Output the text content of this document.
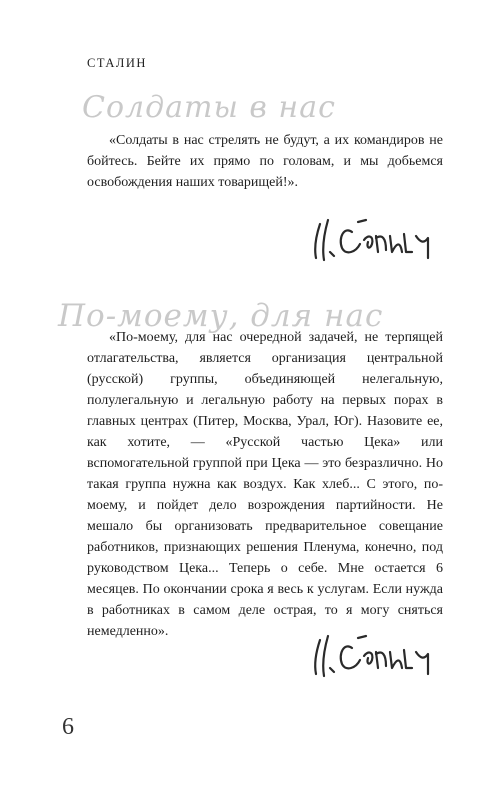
СТАЛИН
Солдаты в нас

«Солдаты в нас стрелять не будут, а их командиров не бойтесь. Бейте их прямо по головам, и мы добьемся освобождения наших товарищей!».

По-моему, для нас

«По-моему, для нас очередной задачей, не терпящей отлагательства, является организация центральной (русской) группы, объединяющей нелегальную, полулегальную и легальную работу на первых порах в главных центрах (Питер, Москва, Урал, Юг). Назовите ее, как хотите, — «Русской частью Цека» или вспомогательной группой при Цека — это безразлично. Но такая группа нужна как воздух. Как хлеб... С этого, по-моему, и пойдет дело возрождения партийности. Не мешало бы организовать предварительное совещание работников, признающих решения Пленума, конечно, под руководством Цека... Теперь о себе. Мне остается 6 месяцев. По окончании срока я весь к услугам. Если нужда в работниках в самом деле острая, то я могу сняться немедленно».

6
